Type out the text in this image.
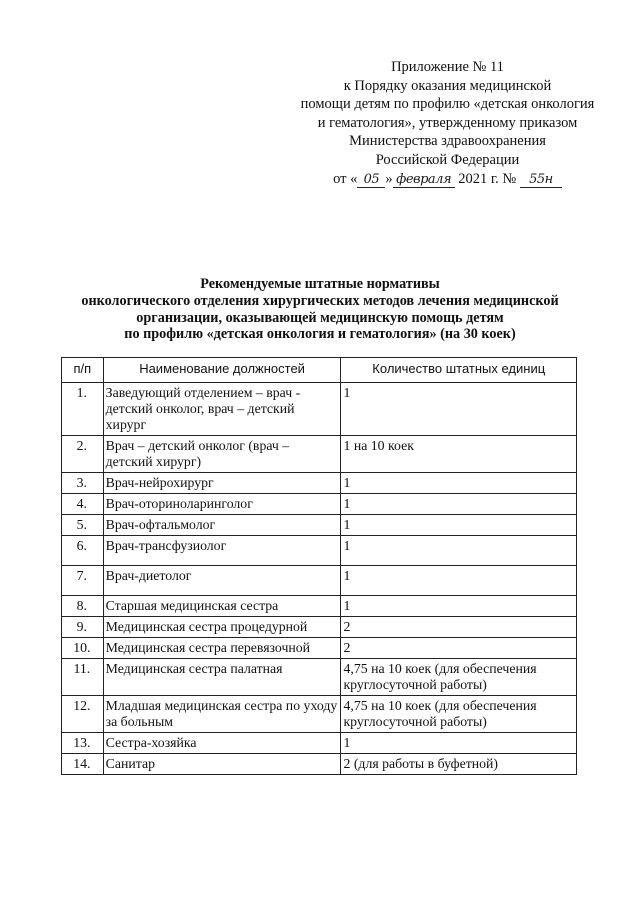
Приложение № 11
к Порядку оказания медицинской
помощи детям по профилю «детская онкология
и гематология», утвержденному приказом
Министерства здравоохранения
Российской Федерации
от « 05 » февраля 2021 г. № 55н
Рекомендуемые штатные нормативы
онкологического отделения хирургических методов лечения медицинской
организации, оказывающей медицинскую помощь детям
по профилю «детская онкология и гематология» (на 30 коек)
п/п	Наименование должностей	Количество штатных единиц
1.	Заведующий отделением – врач - детский онколог, врач – детский хирург	1
2.	Врач – детский онколог (врач – детский хирург)	1 на 10 коек
3.	Врач-нейрохирург	1
4.	Врач-оториноларинголог	1
5.	Врач-офтальмолог	1
6.	Врач-трансфузиолог	1
7.	Врач-диетолог	1
8.	Старшая медицинская сестра	1
9.	Медицинская сестра процедурной	2
10.	Медицинская сестра перевязочной	2
11.	Медицинская сестра палатная	4,75 на 10 коек (для обеспечения круглосуточной работы)
12.	Младшая медицинская сестра по уходу за больным	4,75 на 10 коек (для обеспечения круглосуточной работы)
13.	Сестра-хозяйка	1
14.	Санитар	2 (для работы в буфетной)
